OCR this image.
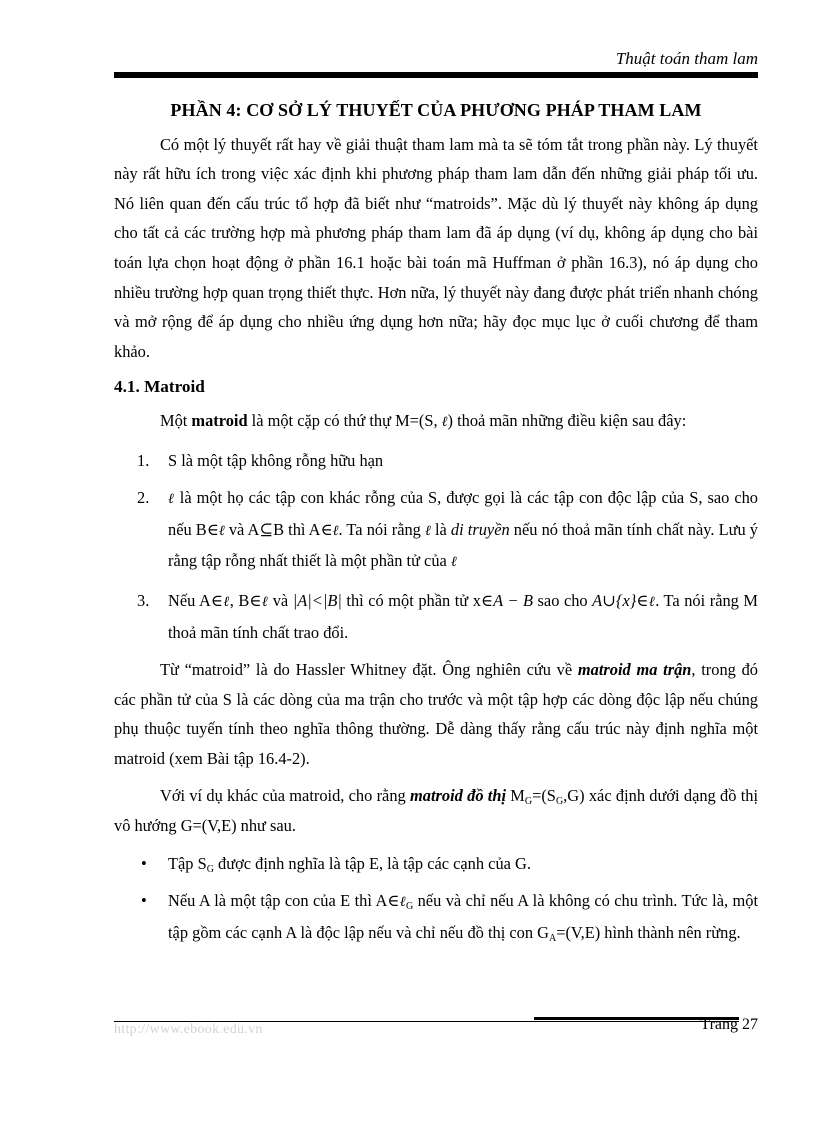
Thuật toán tham lam
PHẦN 4: CƠ SỞ LÝ THUYẾT CỦA PHƯƠNG PHÁP THAM LAM

Có một lý thuyết rất hay về giải thuật tham lam mà ta sẽ tóm tắt trong phần này. Lý thuyết này rất hữu ích trong việc xác định khi phương pháp tham lam dẫn đến những giải pháp tối ưu. Nó liên quan đến cấu trúc tổ hợp đã biết như “matroids”. Mặc dù lý thuyết này không áp dụng cho tất cả các trường hợp mà phương pháp tham lam đã áp dụng (ví dụ, không áp dụng cho bài toán lựa chọn hoạt động ở phần 16.1 hoặc bài toán mã Huffman ở phần 16.3), nó áp dụng cho nhiều trường hợp quan trọng thiết thực. Hơn nữa, lý thuyết này đang được phát triển nhanh chóng và mở rộng để áp dụng cho nhiều ứng dụng hơn nữa; hãy đọc mục lục ở cuối chương để tham khảo.

4.1. Matroid

Một matroid là một cặp có thứ thự M=(S, ℓ) thoả mãn những điều kiện sau đây:

1. S là một tập không rỗng hữu hạn
2. ℓ là một họ các tập con khác rỗng của S, được gọi là các tập con độc lập của S, sao cho nếu B∈ℓ và A⊆B thì A∈ℓ. Ta nói rằng ℓ là di truyền nếu nó thoả mãn tính chất này. Lưu ý rằng tập rỗng nhất thiết là một phần tử của ℓ
3. Nếu A∈ℓ, B∈ℓ và |A|<|B| thì có một phần tử x∈A − B sao cho A∪{x}∈ℓ. Ta nói rằng M thoả mãn tính chất trao đổi.

Từ “matroid” là do Hassler Whitney đặt. Ông nghiên cứu về matroid ma trận, trong đó các phần tử của S là các dòng của ma trận cho trước và một tập hợp các dòng độc lập nếu chúng phụ thuộc tuyến tính theo nghĩa thông thường. Dễ dàng thấy rằng cấu trúc này định nghĩa một matroid (xem Bài tập 16.4-2).

Với ví dụ khác của matroid, cho rằng matroid đồ thị $M_G=(S_G,G)$ xác định dưới dạng đồ thị vô hướng G=(V,E) như sau.

• Tập $S_G$ được định nghĩa là tập E, là tập các cạnh của G.
• Nếu A là một tập con của E thì A∈ℓ$_G$ nếu và chỉ nếu A là không có chu trình. Tức là, một tập gồm các cạnh A là độc lập nếu và chỉ nếu đồ thị con $G_A=(V,E)$ hình thành nên rừng.
http://www.ebook.edu.vn	Trang 27
